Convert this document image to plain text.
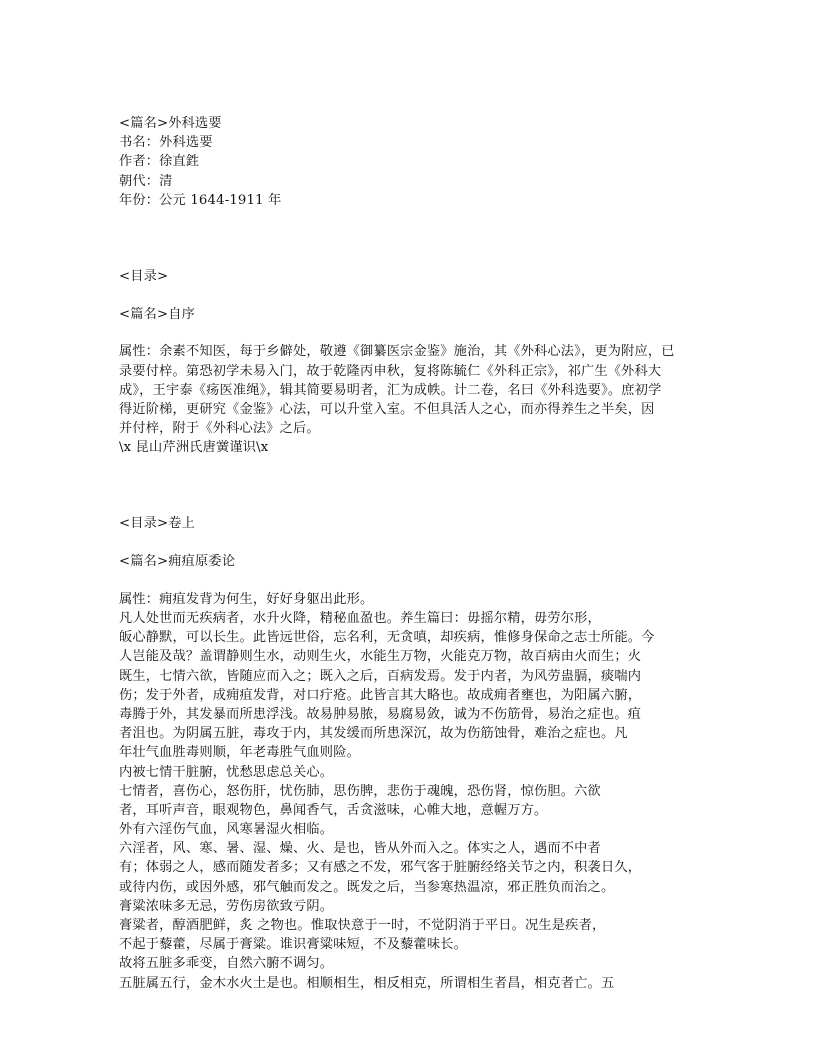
<篇名>外科选要
书名：外科选要
作者：徐直鉎
朝代：清
年份：公元 1644-1911 年
<目录>
<篇名>自序
属性：余素不知医，每于乡僻处，敬遵《御纂医宗金鉴》施治，其《外科心法》，更为附应，已
录要付梓。第恐初学未易入门，故于乾隆丙申秋，复将陈毓仁《外科正宗》，祁广生《外科大
成》，王宇泰《疡医准绳》，辑其简要易明者，汇为成帙。计二卷，名曰《外科选要》。庶初学
得近阶梯，更研究《金鉴》心法，可以升堂入室。不但具活人之心，而亦得养生之半矣，因
并付梓，附于《外科心法》之后。
\x 昆山芹洲氏唐黉谨识\x
<目录>卷上
<篇名>痈疽原委论
属性：痈疽发背为何生，好好身躯出此形。
凡人处世而无疾病者，水升火降，精秘血盈也。养生篇曰：毋摇尔精，毋劳尔形，
皈心静默，可以长生。此皆远世俗，忘名利，无贪嗔，却疾病，惟修身保命之志士所能。今
人岂能及哉？盖谓静则生水，动则生火，水能生万物，火能克万物，故百病由火而生；火
既生，七情六欲，皆随应而入之；既入之后，百病发焉。发于内者，为风劳蛊膈，痰喘内
伤；发于外者，成痈疽发背，对口疔疮。此皆言其大略也。故成痈者壅也，为阳属六腑，
毒腾于外，其发暴而所患浮浅。故易肿易脓，易腐易敛，诚为不伤筋骨，易治之症也。疽
者沮也。为阴属五脏，毒攻于内，其发缓而所患深沉，故为伤筋蚀骨，难治之症也。凡
年壮气血胜毒则顺，年老毒胜气血则险。
内被七情干脏腑，忧愁思虑总关心。
七情者，喜伤心，怒伤肝，忧伤肺，思伤脾，悲伤于魂魄，恐伤肾，惊伤胆。六欲
者，耳听声音，眼观物色，鼻闻香气，舌贪滋味，心帷大地，意幄万方。
外有六淫伤气血，风寒暑湿火相临。
六淫者，风、寒、暑、湿、燥、火、是也，皆从外而入之。体实之人，遇而不中者
有；体弱之人，感而随发者多；又有感之不发，邪气客于脏腑经络关节之内，积袭日久，
或待内伤，或因外感，邪气触而发之。既发之后，当参寒热温凉，邪正胜负而治之。
膏粱浓味多无忌，劳伤房欲致亏阴。
膏粱者，醇酒肥鲜，炙 之物也。惟取快意于一时，不觉阴消于平日。况生是疾者，
不起于藜藿，尽属于膏粱。谁识膏粱味短，不及藜藿味长。
故将五脏多乖变，自然六腑不调匀。
五脏属五行，金木水火土是也。相顺相生，相反相克，所谓相生者昌，相克者亡。五
